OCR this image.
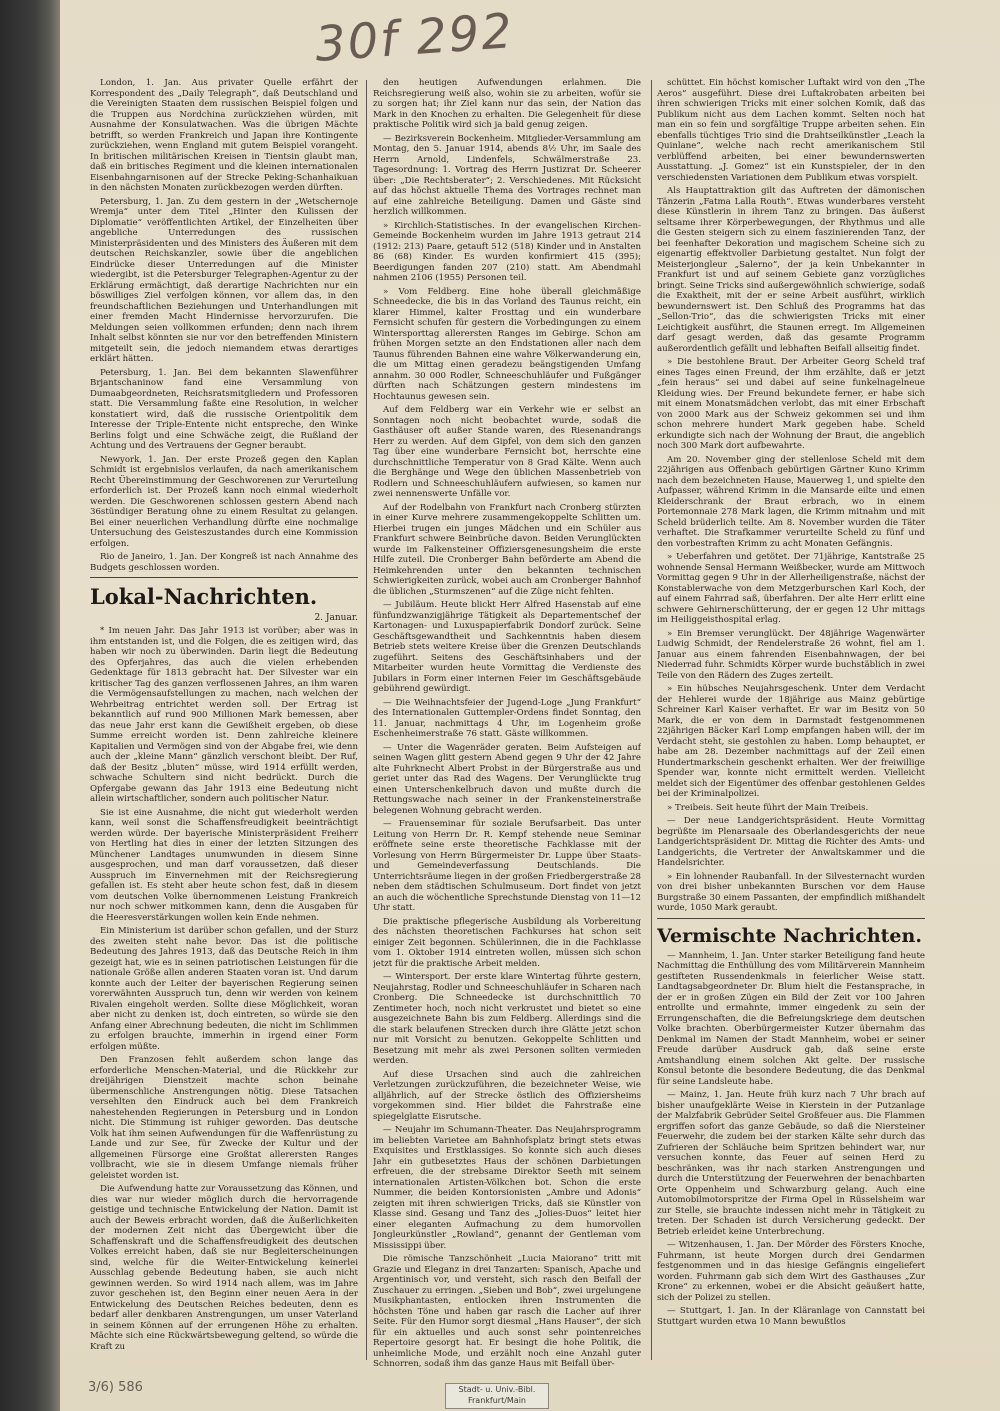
30f 292

London, 1. Jan. Aus privater Quelle erfährt der Korrespondent des „Daily Telegraph“, daß Deutschland und die Vereinigten Staaten dem russischen Beispiel folgen und die Truppen aus Nordchina zurückziehen würden, mit Ausnahme der Konsulatwachen. Was die übrigen Mächte betrifft, so werden Frankreich und Japan ihre Kontingente zurückziehen, wenn England mit gutem Beispiel vorangeht. In britischen militärischen Kreisen in Tientsin glaubt man, daß ein britisches Regiment und die kleinen internationalen Eisenbahngarnisonen auf der Strecke Peking-Schanhaikuan in den nächsten Monaten zurückbezogen werden dürften.

Petersburg, 1. Jan. Zu dem gestern in der „Wetschernoje Wremja“ unter dem Titel „Hinter den Kulissen der Diplomatie“ veröffentlichten Artikel, der Einzelheiten über angebliche Unterredungen des russischen Ministerpräsidenten und des Ministers des Äußeren mit dem deutschen Reichskanzler, sowie über die angeblichen Eindrücke dieser Unterredungen auf die Minister wiedergibt, ist die Petersburger Telegraphen-Agentur zu der Erklärung ermächtigt, daß derartige Nachrichten nur ein böswilliges Ziel verfolgen können, vor allem das, in den freundschaftlichen Beziehungen und Unterhandlungen mit einer fremden Macht Hindernisse hervorzurufen. Die Meldungen seien vollkommen erfunden; denn nach ihrem Inhalt selbst könnten sie nur vor den betreffenden Ministern mitgeteilt sein, die jedoch niemandem etwas derartiges erklärt hätten.

Petersburg, 1. Jan. Bei dem bekannten Slawenführer Brjantschaninow fand eine Versammlung von Dumaabgeordneten, Reichsratsmitgliedern und Professoren statt. Die Versammlung faßte eine Resolution, in welcher konstatiert wird, daß die russische Orientpolitik dem Interesse der Triple-Entente nicht entspreche, den Winke Berlins folgt und eine Schwäche zeigt, die Rußland der Achtung und des Vertrauens der Gegner beraubt.

Newyork, 1. Jan. Der erste Prozeß gegen den Kaplan Schmidt ist ergebnislos verlaufen, da nach amerikanischem Recht Übereinstimmung der Geschworenen zur Verurteilung erforderlich ist. Der Prozeß kann noch einmal wiederholt werden. Die Geschworenen schlossen gestern Abend nach 36stündiger Beratung ohne zu einem Resultat zu gelangen. Bei einer neuerlichen Verhandlung dürfte eine nochmalige Untersuchung des Geisteszustandes durch eine Kommission erfolgen.

Rio de Janeiro, 1. Jan. Der Kongreß ist nach Annahme des Budgets geschlossen worden.

Lokal-Nachrichten.
2. Januar.

* Im neuen Jahr. Das Jahr 1913 ist vorüber; aber was in ihm entstanden ist, und die Folgen, die es zeitigen wird, das haben wir noch zu überwinden. Darin liegt die Bedeutung des Opferjahres, das auch die vielen erhebenden Gedenktage für 1813 gebracht hat. Der Silvester war ein kritischer Tag des ganzen verflossenen Jahres, an ihm waren die Vermögensaufstellungen zu machen, nach welchen der Wehrbeitrag entrichtet werden soll. Der Ertrag ist bekanntlich auf rund 900 Millionen Mark bemessen, aber das neue Jahr erst kann die Gewißheit ergeben, ob diese Summe erreicht worden ist. Denn zahlreiche kleinere Kapitalien und Vermögen sind von der Abgabe frei, wie denn auch der „kleine Mann“ gänzlich verschont bleibt. Der Ruf, daß der Besitz „bluten“ müsse, wird 1914 erfüllt werden, schwache Schultern sind nicht bedrückt. Durch die Opfergabe gewann das Jahr 1913 eine Bedeutung nicht allein wirtschaftlicher, sondern auch politischer Natur.

Sie ist eine Ausnahme, die nicht gut wiederholt werden kann, weil sonst die Schaffensfreudigkeit beeinträchtigt werden würde. Der bayerische Ministerpräsident Freiherr von Hertling hat dies in einer der letzten Sitzungen des Münchener Landtages unumwunden in diesem Sinne ausgesprochen, und man darf voraussetzen, daß dieser Ausspruch im Einvernehmen mit der Reichsregierung gefallen ist. Es steht aber heute schon fest, daß in diesem vom deutschen Volke übernommenen Leistung Frankreich nur noch schwer mitkommen kann, denn die Ausgaben für die Heeresverstärkungen wollen kein Ende nehmen.

Ein Ministerium ist darüber schon gefallen, und der Sturz des zweiten steht nahe bevor. Das ist die politische Bedeutung des Jahres 1913, daß das Deutsche Reich in ihm gezeigt hat, wie es in seinen patriotischen Leistungen für die nationale Größe allen anderen Staaten voran ist. Und darum konnte auch der Leiter der bayerischen Regierung seinen vorerwähnten Ausspruch tun, denn wir werden von keinem Rivalen eingeholt werden. Sollte diese Möglichkeit, woran aber nicht zu denken ist, doch eintreten, so würde sie den Anfang einer Abrechnung bedeuten, die nicht im Schlimmen zu erfolgen brauchte, immerhin in irgend einer Form erfolgen müßte.

Den Franzosen fehlt außerdem schon lange das erforderliche Menschen-Material, und die Rückkehr zur dreijährigen Dienstzeit machte schon beinahe übermenschliche Anstrengungen nötig. Diese Tatsachen versehlten den Eindruck auch bei dem Frankreich nahestehenden Regierungen in Petersburg und in London nicht. Die Stimmung ist ruhiger geworden. Das deutsche Volk hat ihm seinen Aufwendungen für die Waffenrüstung zu Lande und zur See, für Zwecke der Kultur und der allgemeinen Fürsorge eine Großtat allerersten Ranges vollbracht, wie sie in diesem Umfange niemals früher geleistet worden ist.

Die Aufwendung hatte zur Voraussetzung das Können, und dies war nur wieder möglich durch die hervorragende geistige und technische Entwickelung der Nation. Damit ist auch der Beweis erbracht worden, daß die Äußerlichkeiten der modernen Zeit nicht das Übergewicht über die Schaffenskraft und die Schaffensfreudigkeit des deutschen Volkes erreicht haben, daß sie nur Begleiterscheinungen sind, welche für die Weiter-Entwickelung keinerlei Ausschlag gebende Bedeutung haben, sie auch nicht gewinnen werden. So wird 1914 nach allem, was im Jahre zuvor geschehen ist, den Beginn einer neuen Aera in der Entwickelung des Deutschen Reiches bedeuten, denn es bedarf aller denkbaren Anstrengungen, um unser Vaterland in seinem Können auf der errungenen Höhe zu erhalten. Mächte sich eine Rückwärtsbewegung geltend, so würde die Kraft zu

den heutigen Aufwendungen erlahmen. Die Reichsregierung weiß also, wohin sie zu arbeiten, wofür sie zu sorgen hat; ihr Ziel kann nur das sein, der Nation das Mark in den Knochen zu erhalten. Die Gelegenheit für diese praktische Politik wird sich ja bald genug zeigen.

— Bezirksverein Bockenheim. Mitglieder-Versammlung am Montag, den 5. Januar 1914, abends 8½ Uhr, im Saale des Herrn Arnold, Lindenfels, Schwälmerstraße 23. Tagesordnung: 1. Vortrag des Herrn Justizrat Dr. Scheerer über: „Die Rechtsberater“; 2. Verschiedenes. Mit Rücksicht auf das höchst aktuelle Thema des Vortrages rechnet man auf eine zahlreiche Beteiligung. Damen und Gäste sind herzlich willkommen.

» Kirchlich-Statistisches. In der evangelischen Kirchen-Gemeinde Bockenheim wurden im Jahre 1913 getraut 214 (1912: 213) Paare, getauft 512 (518) Kinder und in Anstalten 86 (68) Kinder. Es wurden konfirmiert 415 (395); Beerdigungen fanden 207 (210) statt. Am Abendmahl nahmen 2106 (1955) Personen teil.

» Vom Feldberg. Eine hohe überall gleichmäßige Schneedecke, die bis in das Vorland des Taunus reicht, ein klarer Himmel, kalter Frosttag und ein wunderbare Fernsicht schufen für gestern die Vorbedingungen zu einem Wintersporttag allerersten Ranges im Gebirge. Schon am frühen Morgen setzte an den Endstationen aller nach dem Taunus führenden Bahnen eine wahre Völkerwanderung ein, die um Mittag einen geradezu beängstigenden Umfang annahm. 30 000 Rodler, Schneeschuhläufer und Fußgänger dürften nach Schätzungen gestern mindestens im Hochtaunus gewesen sein.

Auf dem Feldberg war ein Verkehr wie er selbst an Sonntagen noch nicht beobachtet wurde, sodaß die Gasthäuser oft außer Stande waren, des Riesenandrangs Herr zu werden. Auf dem Gipfel, von dem sich den ganzen Tag über eine wunderbare Fernsicht bot, herrschte eine durchschnittliche Temperatur von 8 Grad Kälte. Wenn auch die Berghänge und Wege den üblichen Massenbetrieb von Rodlern und Schneeschuhläufern aufwiesen, so kamen nur zwei nennenswerte Unfälle vor.

Auf der Rodelbahn von Frankfurt nach Cronberg stürzten in einer Kurve mehrere zusammengekoppelte Schlitten um. Hierbei trugen ein junges Mädchen und ein Schüler aus Frankfurt schwere Beinbrüche davon. Beiden Verunglückten wurde im Falkensteiner Offiziersgenesungsheim die erste Hilfe zuteil. Die Cronberger Bahn beförderte am Abend die Heimkehrenden unter den bekannten technischen Schwierigkeiten zurück, wobei auch am Cronberger Bahnhof die üblichen „Sturmszenen“ auf die Züge nicht fehlten.

— Jubiläum. Heute blickt Herr Alfred Hasenstab auf eine fünfundzwanzigjährige Tätigkeit als Departementschef der Kartonagen- und Luxuspapierfabrik Dondorf zurück. Seine Geschäftsgewandtheit und Sachkenntnis haben diesem Betrieb stets weitere Kreise über die Grenzen Deutschlands zugeführt. Seitens des Geschäftsinhabers und der Mitarbeiter wurden heute Vormittag die Verdienste des Jubilars in Form einer internen Feier im Geschäftsgebäude gebührend gewürdigt.

— Die Weihnachtsfeier der Jugend-Loge „Jung Frankfurt“ des Internationalen Guttempler-Ordens findet Sonntag, den 11. Januar, nachmittags 4 Uhr, im Logenheim große Eschenheimerstraße 76 statt. Gäste willkommen.

— Unter die Wagenräder geraten. Beim Aufsteigen auf seinen Wagen glitt gestern Abend gegen 9 Uhr der 42 Jahre alte Fuhrknecht Albert Probst in der Bürgerstraße aus und geriet unter das Rad des Wagens. Der Verunglückte trug einen Unterschenkelbruch davon und mußte durch die Rettungswache nach seiner in der Frankensteinerstraße belegenen Wohnung gebracht werden.

— Frauenseminar für soziale Berufsarbeit. Das unter Leitung von Herrn Dr. R. Kempf stehende neue Seminar eröffnete seine erste theoretische Fachklasse mit der Vorlesung von Herrn Bürgermeister Dr. Luppe über Staats- und Gemeindeverfassung Deutschlands. Die Unterrichtsräume liegen in der großen Friedbergerstraße 28 neben dem städtischen Schulmuseum. Dort findet von jetzt an auch die wöchentliche Sprechstunde Dienstag von 11—12 Uhr statt.

Die praktische pflegerische Ausbildung als Vorbereitung des nächsten theoretischen Fachkurses hat schon seit einiger Zeit begonnen. Schülerinnen, die in die Fachklasse vom 1. Oktober 1914 eintreten wollen, müssen sich schon jetzt für die praktische Arbeit melden.

— Wintersport. Der erste klare Wintertag führte gestern, Neujahrstag, Rodler und Schneeschuhläufer in Scharen nach Cronberg. Die Schneedecke ist durchschnittlich 70 Zentimeter hoch, noch nicht verkrustet und bietet so eine ausgezeichnete Bahn bis zum Feldberg. Allerdings sind die die stark belaufenen Strecken durch ihre Glätte jetzt schon nur mit Vorsicht zu benutzen. Gekoppelte Schlitten und Besetzung mit mehr als zwei Personen sollten vermieden werden.

Auf diese Ursachen sind auch die zahlreichen Verletzungen zurückzuführen, die bezeichneter Weise, wie alljährlich, auf der Strecke östlich des Offiziersheims vorgekommen sind. Hier bildet die Fahrstraße eine spiegelglatte Eisrutsche.

— Neujahr im Schumann-Theater. Das Neujahrsprogramm im beliebten Varietee am Bahnhofsplatz bringt stets etwas Exquisites und Erstklassiges. So konnte sich auch dieses Jahr ein gutbesetztes Haus der schönen Darbietungen erfreuen, die der strebsame Direktor Seeth mit seinem internationalen Artisten-Völkchen bot. Schon die erste Nummer, die beiden Kontorsionisten „Ambre und Adonis“ zeigten mit ihren schwierigen Tricks, daß sie Künstler von Klasse sind. Gesang und Tanz des „Jolies-Duos“ leitet hier einer eleganten Aufmachung zu dem humorvollen Jongleurkünstler „Rowland“, genannt der Gentleman vom Mississippi über.

Die römische Tanzschönheit „Lucia Maiorano“ tritt mit Grazie und Eleganz in drei Tanzarten: Spanisch, Apache und Argentinisch vor, und versteht, sich rasch den Beifall der Zuschauer zu erringen. „Sieben und Bob“, zwei urgelungene Musikphantasten, entlocken ihren Instrumenten die höchsten Töne und haben gar rasch die Lacher auf ihrer Seite. Für den Humor sorgt diesmal „Hans Hauser“, der sich für ein aktuelles und auch sonst sehr pointenreiches Repertoire gesorgt hat. Er besingt die hohe Politik, die unheimliche Mode, und erzählt noch eine Anzahl guter Schnorren, sodaß ihm das ganze Haus mit Beifall über-

schüttet. Ein höchst komischer Luftakt wird von den „The Aeros“ ausgeführt. Diese drei Luftakrobaten arbeiten bei ihren schwierigen Tricks mit einer solchen Komik, daß das Publikum nicht aus dem Lachen kommt. Selten noch hat man ein so fein und sorgfältige Truppe arbeiten sehen. Ein ebenfalls tüchtiges Trio sind die Drahtseilkünstler „Leach la Quinlane“, welche nach recht amerikanischem Stil verblüffend arbeiten, bei einer bewundernswerten Ausstattung. „J. Gomez“ ist ein Kunstspieler, der in den verschiedensten Variationen dem Publikum etwas vorspielt.

Als Hauptattraktion gilt das Auftreten der dämonischen Tänzerin „Fatma Lalla Routh“. Etwas wunderbares versteht diese Künstlerin in ihrem Tanz zu bringen. Das äußerst seltsame ihrer Körperbewegungen, der Rhythmus und alle die Gesten steigern sich zu einem faszinierenden Tanz, der bei feenhafter Dekoration und magischem Scheine sich zu eigenartig effektvoller Darbietung gestaltet. Nun folgt der Meisterjongleur „Salerno“, der ja kein Unbekannter in Frankfurt ist und auf seinem Gebiete ganz vorzügliches bringt. Seine Tricks sind außergewöhnlich schwierige, sodaß die Exaktheit, mit der er seine Arbeit ausführt, wirklich bewundernswert ist. Den Schluß des Programms hat das „Sellon-Trio“, das die schwierigsten Tricks mit einer Leichtigkeit ausführt, die Staunen erregt. Im Allgemeinen darf gesagt werden, daß das gesamte Programm außerordentlich gefällt und lebhaften Beifall allseitig findet.

» Die bestohlene Braut. Der Arbeiter Georg Scheld traf eines Tages einen Freund, der ihm erzählte, daß er jetzt „fein heraus“ sei und dabei auf seine funkelnagelneue Kleidung wies. Der Freund bekundete ferner, er habe sich mit einem Monatsmädchen verlobt, das mit einer Erbschaft von 2000 Mark aus der Schweiz gekommen sei und ihm schon mehrere hundert Mark gegeben habe. Scheld erkundigte sich nach der Wohnung der Braut, die angeblich noch 300 Mark dort aufbewahrte.

Am 20. November ging der stellenlose Scheld mit dem 22jährigen aus Offenbach gebürtigen Gärtner Kuno Krimm nach dem bezeichneten Hause, Mauerweg 1, und spielte den Aufpasser, während Krimm in die Mansarde eilte und einen Kleiderschrank der Braut erbrach, wo in einem Portemonnaie 278 Mark lagen, die Krimm mitnahm und mit Scheld brüderlich teilte. Am 8. November wurden die Täter verhaftet. Die Strafkammer verurteilte Scheld zu fünf und den vorbestraften Krimm zu acht Monaten Gefängnis.

» Ueberfahren und getötet. Der 71jährige, Kantstraße 25 wohnende Sensal Hermann Weißbecker, wurde am Mittwoch Vormittag gegen 9 Uhr in der Allerheiligenstraße, nächst der Konstablerwache von dem Metzgerburschen Karl Koch, der auf einem Fahrrad saß, überfahren. Der alte Herr erlitt eine schwere Gehirnerschütterung, der er gegen 12 Uhr mittags im Heiliggeisthospital erlag.

» Ein Bremser verunglückt. Der 48jährige Wagenwärter Ludwig Schmidt, der Rendelerstraße 26 wohnt, fiel am 1. Januar aus einem fahrenden Eisenbahnwagen, der bei Niederrad fuhr. Schmidts Körper wurde buchstäblich in zwei Teile von den Rädern des Zuges zerteilt.

» Ein hübsches Neujahrsgeschenk. Unter dem Verdacht der Hehlerei wurde der 18jährige aus Mainz gebürtige Schreiner Karl Kaiser verhaftet. Er war im Besitz von 50 Mark, die er von dem in Darmstadt festgenommenen 22jährigen Bäcker Karl Lomp empfangen haben will, der im Verdacht steht, sie gestohlen zu haben. Lomp behauptet, er habe am 28. Dezember nachmittags auf der Zeil einen Hundertmarkschein geschenkt erhalten. Wer der freiwillige Spender war, konnte nicht ermittelt werden. Vielleicht meldet sich der Eigentümer des offenbar gestohlenen Geldes bei der Kriminalpolizei.

» Treibeis. Seit heute führt der Main Treibeis.

— Der neue Landgerichtspräsident. Heute Vormittag begrüßte im Plenarsaale des Oberlandesgerichts der neue Landgerichtspräsident Dr. Mittag die Richter des Amts- und Landgerichts, die Vertreter der Anwaltskammer und die Handelsrichter.

» Ein lohnender Raubanfall. In der Silvesternacht wurden von drei bisher unbekannten Burschen vor dem Hause Burgstraße 30 einem Passanten, der empfindlich mißhandelt wurde, 1050 Mark geraubt.

Vermischte Nachrichten.

— Mannheim, 1. Jan. Unter starker Beteiligung fand heute Nachmittag die Enthüllung des vom Militärverein Mannheim gestifteten Russendenkmals in feierlicher Weise statt. Landtagsabgeordneter Dr. Blum hielt die Festansprache, in der er in großen Zügen ein Bild der Zeit vor 100 Jahren entrollte und ermahnte, immer eingedenk zu sein der Errungenschaften, die die Befreiungskriege dem deutschen Volke brachten. Oberbürgermeister Kutzer übernahm das Denkmal im Namen der Stadt Mannheim, wobei er seiner Freude darüber Ausdruck gab, daß seine erste Amtshandlung einem solchen Akt gelte. Der russische Konsul betonte die besondere Bedeutung, die das Denkmal für seine Landsleute habe.

— Mainz, 1. Jan. Heute früh kurz nach 7 Uhr brach auf bisher unaufgeklärte Weise in Kierstein in der Putzanlage der Malzfabrik Gebrüder Seitel Großfeuer aus. Die Flammen ergriffen sofort das ganze Gebäude, so daß die Niersteiner Feuerwehr, die zudem bei der starken Kälte sehr durch das Zufrieren der Schläuche beim Spritzen behindert war, nur versuchen konnte, das Feuer auf seinen Herd zu beschränken, was ihr nach starken Anstrengungen und durch die Unterstützung der Feuerwehren der benachbarten Orte Oppenheim und Schwarzburg gelang. Auch eine Automobilmotorspritze der Firma Opel in Rüsselsheim war zur Stelle, sie brauchte indessen nicht mehr in Tätigkeit zu treten. Der Schaden ist durch Versicherung gedeckt. Der Betrieb erleidet keine Unterbrechung.

— Witzenhausen, 1. Jan. Der Mörder des Försters Knoche, Fuhrmann, ist heute Morgen durch drei Gendarmen festgenommen und in das hiesige Gefängnis eingeliefert worden. Fuhrmann gab sich dem Wirt des Gasthauses „Zur Krone“ zu erkennen, wobei er die Absicht geäußert hatte, sich der Polizei zu stellen.

— Stuttgart, 1. Jan. In der Kläranlage von Cannstatt bei Stuttgart wurden etwa 10 Mann bewußtlos

3/6) 586	Stadt- u. Univ.-Bibl.
Frankfurt/Main
